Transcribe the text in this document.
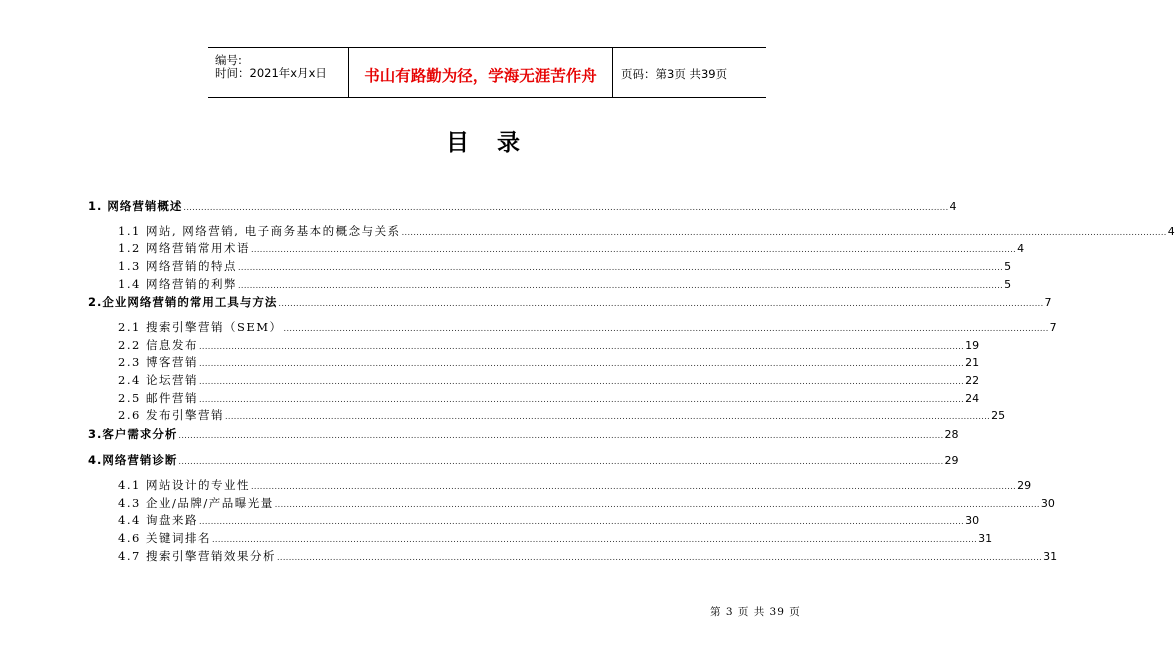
编号:
时间：2021年x月x日	书山有路勤为径，学海无涯苦作舟	页码：第3页 共39页
目 录
1. 网络营销概述 .................................................................................................................................................................................................................................................................... 4
1.1 网站, 网络营销, 电子商务基本的概念与关系 .................................................................................................................................................................................................................................................................... 4
1.2 网络营销常用术语 .................................................................................................................................................................................................................................................................... 4
1.3 网络营销的特点 .................................................................................................................................................................................................................................................................... 5
1.4 网络营销的利弊 .................................................................................................................................................................................................................................................................... 5
2.企业网络营销的常用工具与方法 .................................................................................................................................................................................................................................................................... 7
2.1 搜索引擎营销（SEM） .................................................................................................................................................................................................................................................................... 7
2.2 信息发布 .................................................................................................................................................................................................................................................................... 19
2.3 博客营销 .................................................................................................................................................................................................................................................................... 21
2.4 论坛营销 .................................................................................................................................................................................................................................................................... 22
2.5 邮件营销 .................................................................................................................................................................................................................................................................... 24
2.6 发布引擎营销 .................................................................................................................................................................................................................................................................... 25
3.客户需求分析 .................................................................................................................................................................................................................................................................... 28
4.网络营销诊断 .................................................................................................................................................................................................................................................................... 29
4.1 网站设计的专业性 .................................................................................................................................................................................................................................................................... 29
4.3 企业/品牌/产品曝光量 .................................................................................................................................................................................................................................................................... 30
4.4 询盘来路 .................................................................................................................................................................................................................................................................... 30
4.6 关键词排名 .................................................................................................................................................................................................................................................................... 31
4.7 搜索引擎营销效果分析 .................................................................................................................................................................................................................................................................... 31
第 3 页 共 39 页
